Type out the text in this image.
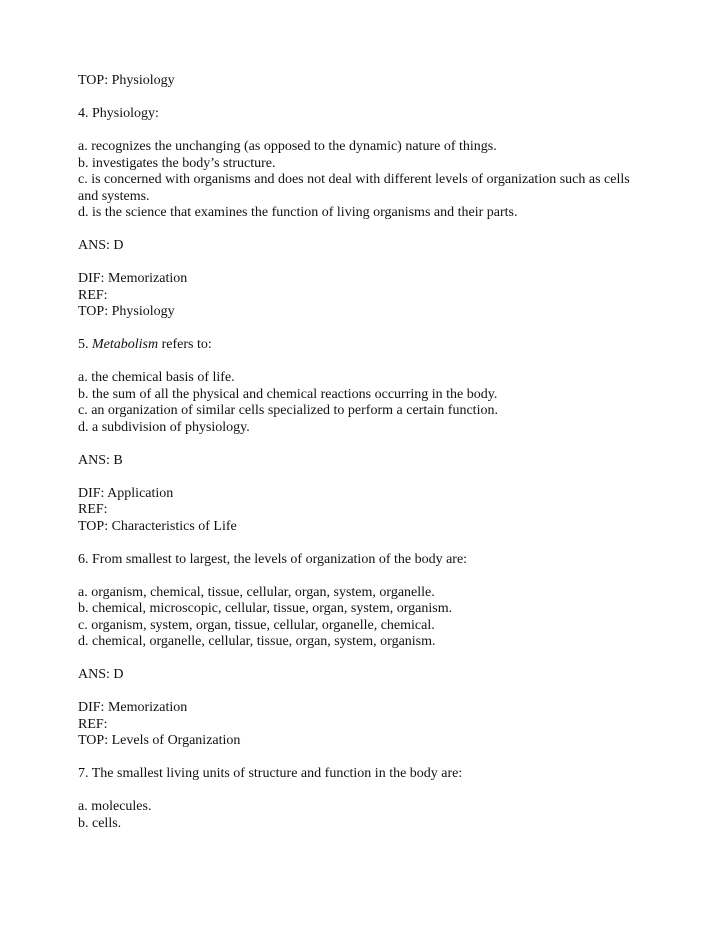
TOP: Physiology
4. Physiology:
a. recognizes the unchanging (as opposed to the dynamic) nature of things.
b. investigates the body’s structure.
c. is concerned with organisms and does not deal with different levels of organization such as cells and systems.
d. is the science that examines the function of living organisms and their parts.
ANS: D
DIF: Memorization
REF:
TOP: Physiology
5. Metabolism refers to:
a. the chemical basis of life.
b. the sum of all the physical and chemical reactions occurring in the body.
c. an organization of similar cells specialized to perform a certain function.
d. a subdivision of physiology.
ANS: B
DIF: Application
REF:
TOP: Characteristics of Life
6. From smallest to largest, the levels of organization of the body are:
a. organism, chemical, tissue, cellular, organ, system, organelle.
b. chemical, microscopic, cellular, tissue, organ, system, organism.
c. organism, system, organ, tissue, cellular, organelle, chemical.
d. chemical, organelle, cellular, tissue, organ, system, organism.
ANS: D
DIF: Memorization
REF:
TOP: Levels of Organization
7. The smallest living units of structure and function in the body are:
a. molecules.
b. cells.
